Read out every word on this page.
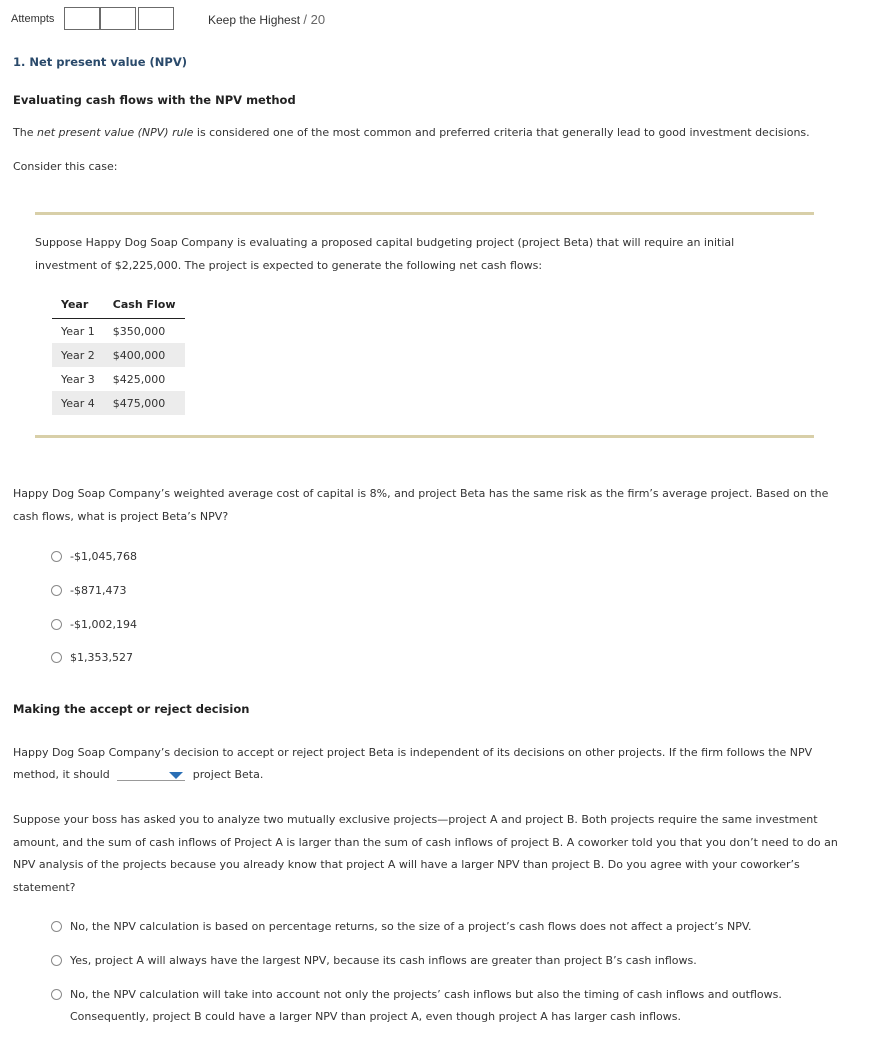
Attempts	Keep the Highest / 20
1. Net present value (NPV)
Evaluating cash flows with the NPV method
The net present value (NPV) rule is considered one of the most common and preferred criteria that generally lead to good investment decisions.
Consider this case:
Suppose Happy Dog Soap Company is evaluating a proposed capital budgeting project (project Beta) that will require an initial
investment of $2,225,000. The project is expected to generate the following net cash flows:
Year	Cash Flow
Year 1	$350,000
Year 2	$400,000
Year 3	$425,000
Year 4	$475,000
Happy Dog Soap Company’s weighted average cost of capital is 8%, and project Beta has the same risk as the firm’s average project. Based on the
cash flows, what is project Beta’s NPV?
-$1,045,768
-$871,473
-$1,002,194
$1,353,527
Making the accept or reject decision
Happy Dog Soap Company’s decision to accept or reject project Beta is independent of its decisions on other projects. If the firm follows the NPV
method, it should	project Beta.
Suppose your boss has asked you to analyze two mutually exclusive projects—project A and project B. Both projects require the same investment
amount, and the sum of cash inflows of Project A is larger than the sum of cash inflows of project B. A coworker told you that you don’t need to do an
NPV analysis of the projects because you already know that project A will have a larger NPV than project B. Do you agree with your coworker’s
statement?
No, the NPV calculation is based on percentage returns, so the size of a project’s cash flows does not affect a project’s NPV.
Yes, project A will always have the largest NPV, because its cash inflows are greater than project B’s cash inflows.
No, the NPV calculation will take into account not only the projects’ cash inflows but also the timing of cash inflows and outflows.
Consequently, project B could have a larger NPV than project A, even though project A has larger cash inflows.
